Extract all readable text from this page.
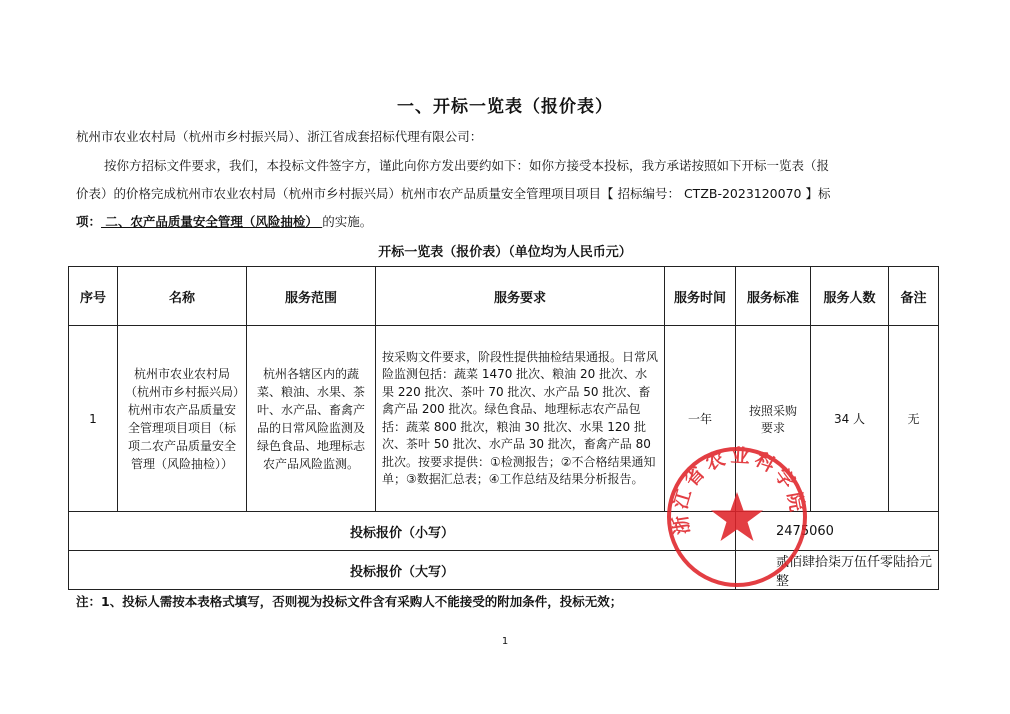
一、开标一览表（报价表）
杭州市农业农村局（杭州市乡村振兴局）、浙江省成套招标代理有限公司：
按你方招标文件要求，我们，本投标文件签字方，谨此向你方发出要约如下：如你方接受本投标，我方承诺按照如下开标一览表（报
价表）的价格完成杭州市农业农村局（杭州市乡村振兴局）杭州市农产品质量安全管理项目项目【 招标编号： CTZB-2023120070 】标
项： 二、农产品质量安全管理（风险抽检） 的实施。
开标一览表（报价表）（单位均为人民币元）
序号	名称	服务范围	服务要求	服务时间	服务标准	服务人数	备注
1	杭州市农业农村局（杭州市乡村振兴局）杭州市农产品质量安全管理项目项目（标项二农产品质量安全管理（风险抽检））	杭州各辖区内的蔬菜、粮油、水果、茶叶、水产品、畜禽产品的日常风险监测及绿色食品、地理标志农产品风险监测。	按采购文件要求，阶段性提供抽检结果通报。日常风险监测包括：蔬菜 1470 批次、粮油 20 批次、水果 220 批次、茶叶 70 批次、水产品 50 批次、畜禽产品 200 批次。绿色食品、地理标志农产品包括：蔬菜 800 批次，粮油 30 批次、水果 120 批次、茶叶 50 批次、水产品 30 批次，畜禽产品 80 批次。按要求提供：①检测报告；②不合格结果通知单；③数据汇总表；④工作总结及结果分析报告。	一年	按照采购要求	34 人	无
投标报价（小写）					2475060		
投标报价（大写）					贰佰肆拾柒万伍仟零陆拾元整		
注：1、投标人需按本表格式填写，否则视为投标文件含有采购人不能接受的附加条件，投标无效；
1
浙江省农业科学院
